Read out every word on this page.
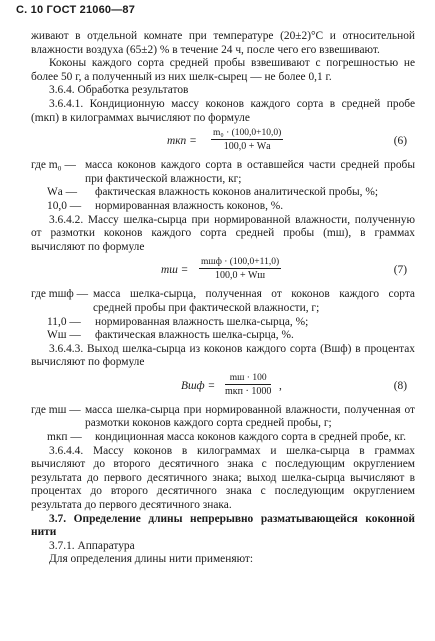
С. 10 ГОСТ 21060—87

живают в отдельной комнате при температуре (20±2)°С и относительной влажности воздуха (65±2) % в течение 24 ч, после чего его взвешивают.

Коконы каждого сорта средней пробы взвешивают с погрешностью не более 50 г, а полученный из них шелк-сырец — не более 0,1 г.

3.6.4. Обработка результатов

3.6.4.1. Кондиционную массу коконов каждого сорта в средней пробе (mкп) в килограммах вычисляют по формуле

mкп =
m₀ · (100,0+10,0)
100,0 + Wа	(6)
где m₀ — масса коконов каждого сорта в оставшейся части средней пробы при фактической влажности, кг;
Wа — фактическая влажность коконов аналитической пробы, %;
10,0 — нормированная влажность коконов, %.

3.6.4.2. Массу шелка-сырца при нормированной влажности, полученную от размотки коконов каждого сорта средней пробы (mш), в граммах вычисляют по формуле

mш =
mшф · (100,0+11,0)
100,0 + Wш	(7)
где mшф — масса шелка-сырца, полученная от коконов каждого сорта средней пробы при фактической влажности, г;
11,0 — нормированная влажность шелка-сырца, %;
Wш — фактическая влажность шелка-сырца, %.

3.6.4.3. Выход шелка-сырца из коконов каждого сорта (Вшф) в процентах вычисляют по формуле

Вшф =
mш · 100
mкп · 1000 ,	(8)
где mш — масса шелка-сырца при нормированной влажности, полученная от размотки коконов каждого сорта средней пробы, г;
mкп — кондиционная масса коконов каждого сорта в средней пробе, кг.

3.6.4.4. Массу коконов в килограммах и шелка-сырца в граммах вычисляют до второго десятичного знака с последующим округлением результата до первого десятичного знака; выход шелка-сырца вычисляют в процентах до второго десятичного знака с последующим округлением результата до первого десятичного знака.

3.7. Определение длины непрерывно разматывающейся коконной нити

3.7.1. Аппаратура

Для определения длины нити применяют:
